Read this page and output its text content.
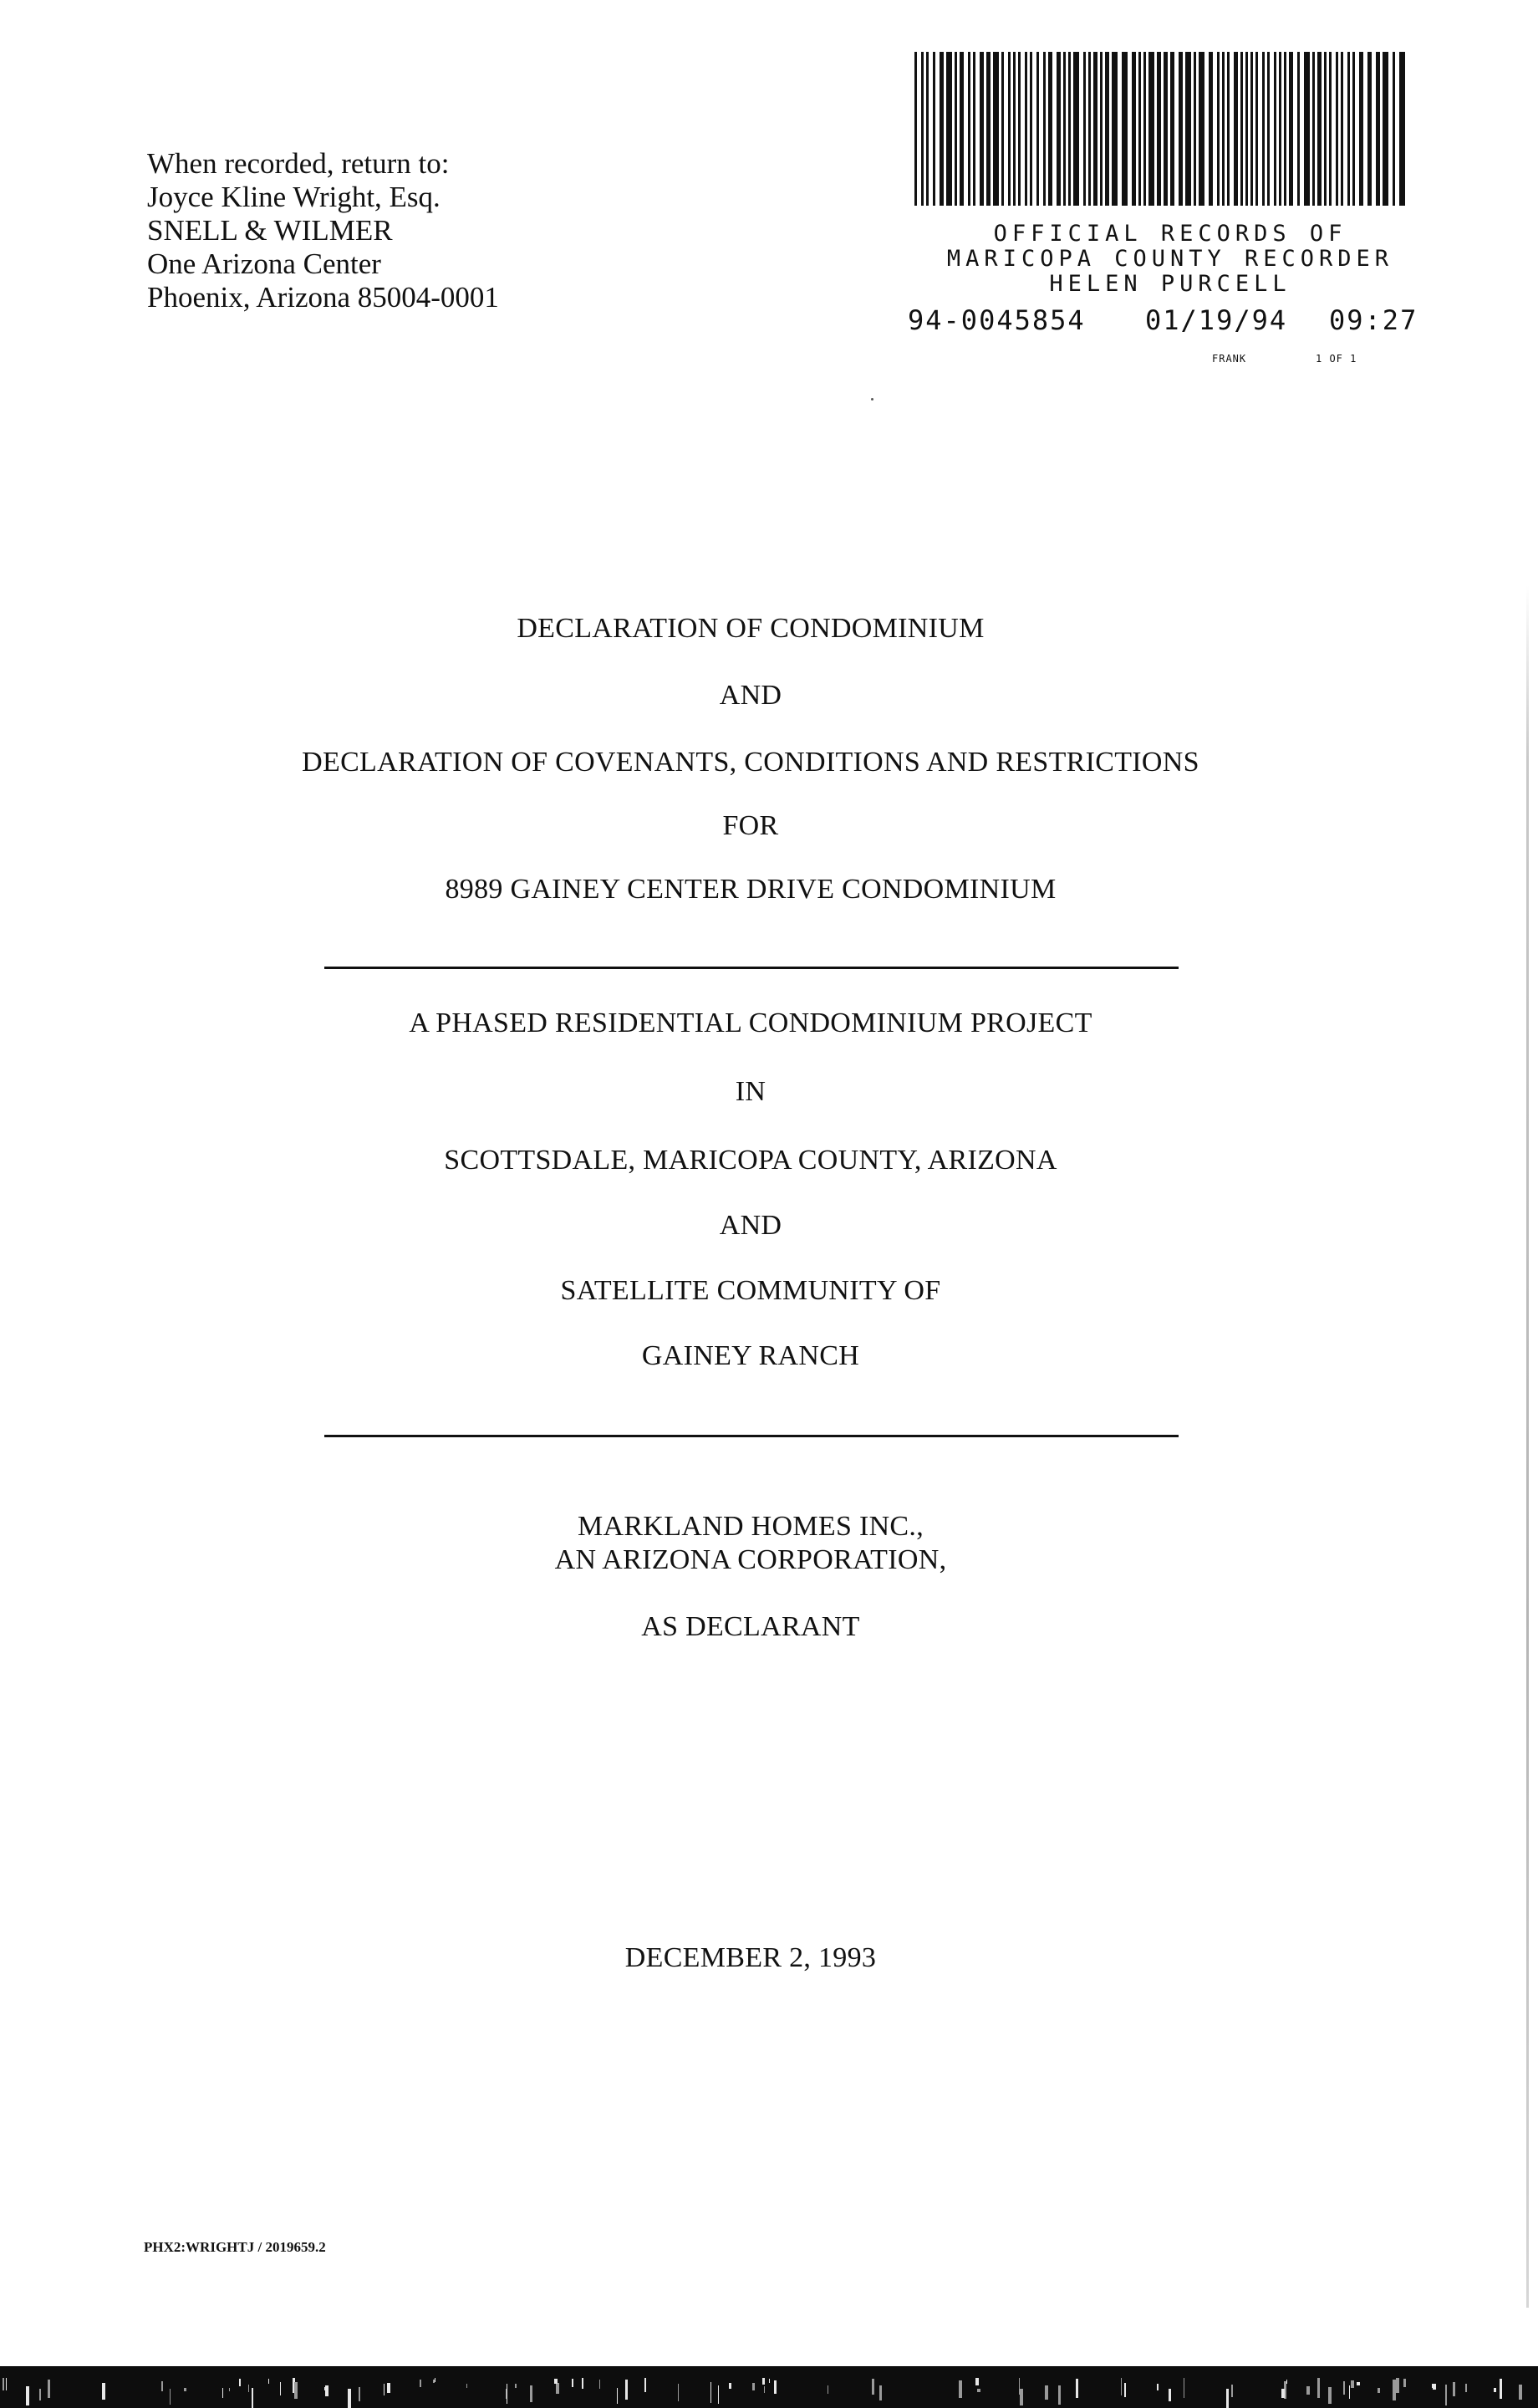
When recorded, return to:
Joyce Kline Wright, Esq.
SNELL & WILMER
One Arizona Center
Phoenix, Arizona 85004-0001
OFFICIAL RECORDS OF
MARICOPA COUNTY RECORDER
HELEN PURCELL
94-0045854 01/19/94 09:27
FRANK	1 OF 1
DECLARATION OF CONDOMINIUM
AND
DECLARATION OF COVENANTS, CONDITIONS AND RESTRICTIONS
FOR
8989 GAINEY CENTER DRIVE CONDOMINIUM
A PHASED RESIDENTIAL CONDOMINIUM PROJECT
IN
SCOTTSDALE, MARICOPA COUNTY, ARIZONA
AND
SATELLITE COMMUNITY OF
GAINEY RANCH
MARKLAND HOMES INC.,
AN ARIZONA CORPORATION,
AS DECLARANT
DECEMBER 2, 1993
PHX2:WRIGHTJ / 2019659.2
